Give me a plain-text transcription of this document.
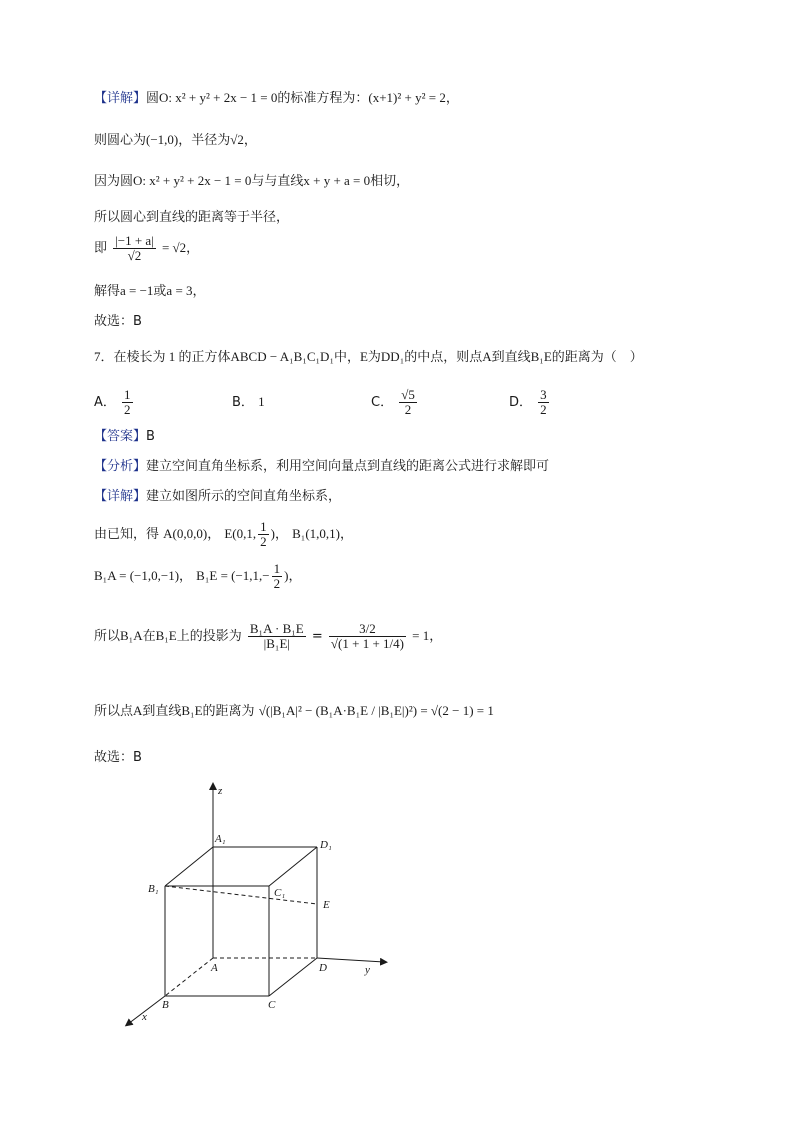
【详解】圆O: x² + y² + 2x − 1 = 0的标准方程为：(x+1)² + y² = 2，
则圆心为(−1,0)，半径为√2，
因为圆O: x² + y² + 2x − 1 = 0与与直线x + y + a = 0相切，
所以圆心到直线的距离等于半径，
即 $\frac{|-1 + a|}{√2} = √2$，
解得a = −1或a = 3，
故选：B
7．在棱长为 1 的正方体ABCD − A₁B₁C₁D₁中，E为DD₁的中点，则点A到直线B₁E的距离为（　）
A． $\frac{1}{2}$	B． 1	C． $\frac{√5}{2}$	D． $\frac{3}{2}$
【答案】B
【分析】建立空间直角坐标系，利用空间向量点到直线的距离公式进行求解即可
【详解】建立如图所示的空间直角坐标系，
由已知，得 A(0,0,0)， E(0,1, $\frac{1}{2}$ )， B₁(1,0,1)，
B₁A = (−1,0,−1)， $B_1E = (-1,1,- \frac{1}{2}$ )，
所以B₁A在B₁E上的投影为 $\frac{\text{B₁A · B₁E}}{\text{|B₁E|}} = \frac{3/2}{√(1 + 1 + 1/4)} = 1$，
所以点A到直线B₁E的距离为 √(|B₁A|² − (B₁A·B₁E / |B₁E|)²) = √(2 − 1) = 1
故选：B
z
y
x
A₁	D₁
B₁	C₁
E
A	D
B	C
